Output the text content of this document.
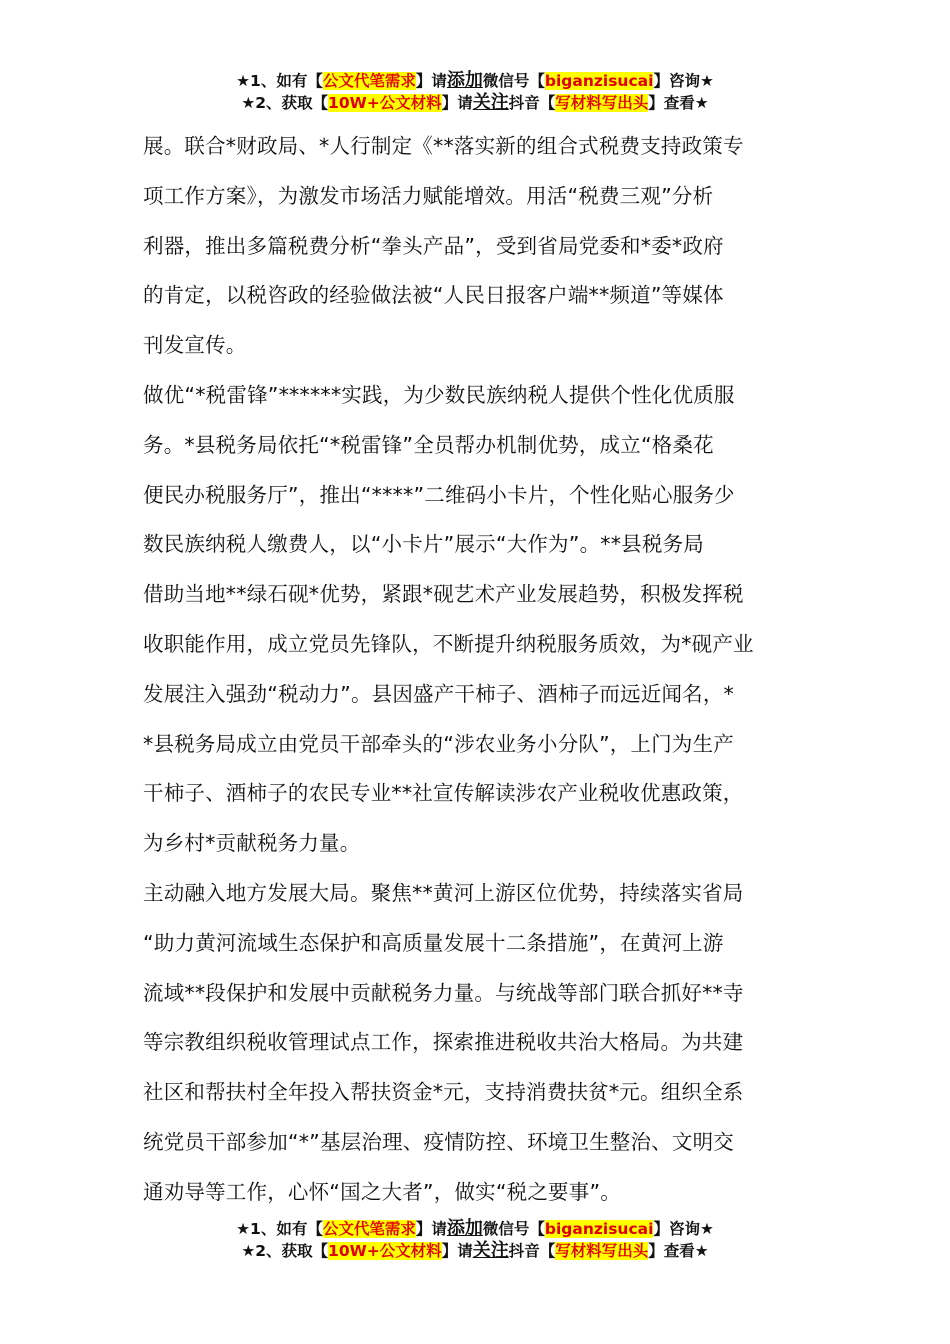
★1、如有【公文代笔需求】请添加微信号【biganzisucai】咨询★
★2、获取【10W+公文材料】请关注抖音【写材料写出头】查看★

展。联合*财政局、*人行制定《**落实新的组合式税费支持政策专
项工作方案》，为激发市场活力赋能增效。用活“税费三观”分析
利器，推出多篇税费分析“拳头产品”，受到省局党委和*委*政府
的肯定，以税咨政的经验做法被“人民日报客户端**频道”等媒体
刊发宣传。

做优“*税雷锋”******实践，为少数民族纳税人提供个性化优质服
务。*县税务局依托“*税雷锋”全员帮办机制优势，成立“格桑花
便民办税服务厅”，推出“****”二维码小卡片，个性化贴心服务少
数民族纳税人缴费人，以“小卡片”展示“大作为”。**县税务局
借助当地**绿石砚*优势，紧跟*砚艺术产业发展趋势，积极发挥税
收职能作用，成立党员先锋队，不断提升纳税服务质效，为*砚产业
发展注入强劲“税动力”。县因盛产干柿子、酒柿子而远近闻名，*
*县税务局成立由党员干部牵头的“涉农业务小分队”，上门为生产
干柿子、酒柿子的农民专业**社宣传解读涉农产业税收优惠政策，
为乡村*贡献税务力量。

主动融入地方发展大局。聚焦**黄河上游区位优势，持续落实省局
“助力黄河流域生态保护和高质量发展十二条措施”，在黄河上游
流域**段保护和发展中贡献税务力量。与统战等部门联合抓好**寺
等宗教组织税收管理试点工作，探索推进税收共治大格局。为共建
社区和帮扶村全年投入帮扶资金*元，支持消费扶贫*元。组织全系
统党员干部参加“*”基层治理、疫情防控、环境卫生整治、文明交
通劝导等工作，心怀“国之大者”，做实“税之要事”。

★1、如有【公文代笔需求】请添加微信号【biganzisucai】咨询★
★2、获取【10W+公文材料】请关注抖音【写材料写出头】查看★
